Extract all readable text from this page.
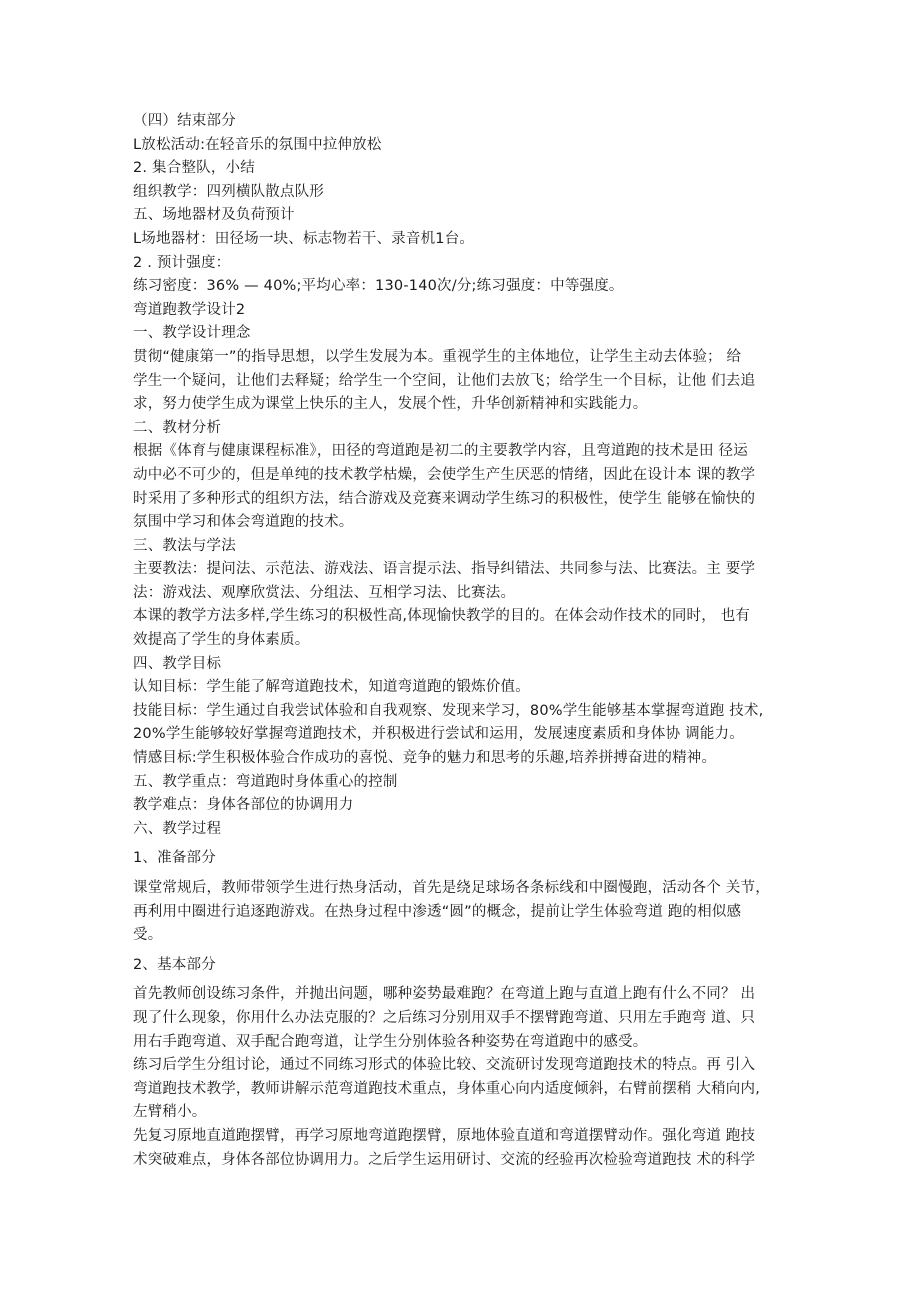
（四）结束部分
L放松活动:在轻音乐的氛围中拉伸放松
2. 集合整队，小结
组织教学：四列横队散点队形
五、场地器材及负荷预计
L场地器材：田径场一块、标志物若干、录音机1台。
2 . 预计强度：
练习密度：36% — 40%;平均心率：130-140次/分;练习强度：中等强度。
弯道跑教学设计2
一、教学设计理念
贯彻“健康第一”的指导思想，以学生发展为本。重视学生的主体地位，让学生主动去体验； 给
学生一个疑问，让他们去释疑；给学生一个空间，让他们去放飞；给学生一个目标，让他 们去追
求，努力使学生成为课堂上快乐的主人，发展个性，升华创新精神和实践能力。
二、教材分析
根据《体育与健康课程标准》，田径的弯道跑是初二的主要教学内容，且弯道跑的技术是田 径运
动中必不可少的，但是单纯的技术教学枯燥，会使学生产生厌恶的情绪，因此在设计本 课的教学
时采用了多种形式的组织方法，结合游戏及竞赛来调动学生练习的积极性，使学生 能够在愉快的
氛围中学习和体会弯道跑的技术。
三、教法与学法
主要教法：提问法、示范法、游戏法、语言提示法、指导纠错法、共同参与法、比赛法。主 要学
法：游戏法、观摩欣赏法、分组法、互相学习法、比赛法。
本课的教学方法多样,学生练习的积极性高,体现愉快教学的目的。在体会动作技术的同时， 也有
效提高了学生的身体素质。
四、教学目标
认知目标：学生能了解弯道跑技术，知道弯道跑的锻炼价值。
技能目标：学生通过自我尝试体验和自我观察、发现来学习，80%学生能够基本掌握弯道跑 技术,
20%学生能够较好掌握弯道跑技术，并积极进行尝试和运用，发展速度素质和身体协 调能力。
情感目标:学生积极体验合作成功的喜悦、竞争的魅力和思考的乐趣,培养拼搏奋进的精神。
五、教学重点：弯道跑时身体重心的控制
教学难点：身体各部位的协调用力
六、教学过程
1、准备部分
课堂常规后，教师带领学生进行热身活动，首先是绕足球场各条标线和中圈慢跑，活动各个 关节，
再利用中圈进行追逐跑游戏。在热身过程中渗透“圆”的概念，提前让学生体验弯道 跑的相似感
受。
2、基本部分
首先教师创设练习条件，并抛出问题，哪种姿势最难跑？在弯道上跑与直道上跑有什么不同？ 出
现了什么现象，你用什么办法克服的？之后练习分别用双手不摆臂跑弯道、只用左手跑弯 道、只
用右手跑弯道、双手配合跑弯道，让学生分别体验各种姿势在弯道跑中的感受。
练习后学生分组讨论，通过不同练习形式的体验比较、交流研讨发现弯道跑技术的特点。再 引入
弯道跑技术教学，教师讲解示范弯道跑技术重点，身体重心向内适度倾斜，右臂前摆稍 大稍向内,
左臂稍小。
先复习原地直道跑摆臂，再学习原地弯道跑摆臂，原地体验直道和弯道摆臂动作。强化弯道 跑技
术突破难点，身体各部位协调用力。之后学生运用研讨、交流的经验再次检验弯道跑技 术的科学
